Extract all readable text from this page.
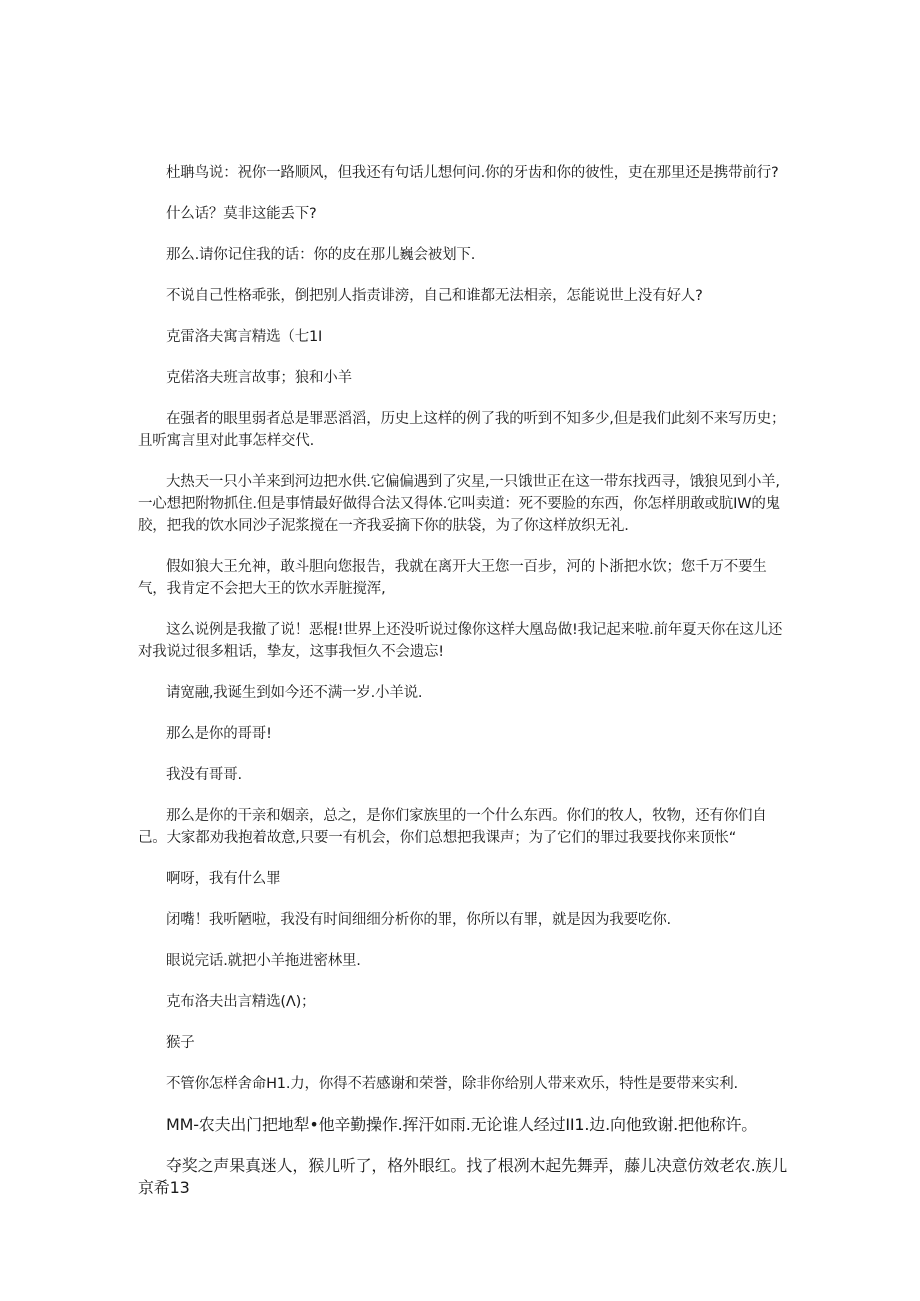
杜聃鸟说：祝你一路顺风，但我还有句话儿想何问.你的牙齿和你的彼性，吏在那里还是携带前行?

什么话？莫非这能丢下?

那么.请你记住我的话：你的皮在那儿巍会被划下.

不说自己性格乖张，倒把别人指责诽滂，自己和谁都无法相亲，怎能说世上没有好人?

克雷洛夫寓言精选（七1I

克偌洛夫班言故事；狼和小羊

在强者的眼里弱者总是罪恶滔滔，历史上这样的例了我的听到不知多少,但是我们此刻不来写历史；且听寓言里对此事怎样交代.

大热天一只小羊来到河边把水供.它偏偏遇到了灾星,一只饿世正在这一带东找西寻，饿狼见到小羊,一心想把附物抓住.但是事情最好做得合法又得体.它叫卖道：死不要脸的东西，你怎样朋敢或肮IW的鬼胶，把我的饮水同沙子泥浆搅在一齐我妥摘下你的肤袋，为了你这样放织无礼.

假如狼大王允神，敢斗胆向您报告，我就在离开大王您一百步，河的卜浙把水饮；您千万不要生气，我肯定不会把大王的饮水弄脏搅浑,

这么说例是我撤了说！恶棍!世界上还没听说过像你这样大凰岛做!我记起来啦.前年夏天你在这儿还对我说过很多粗话，挚友，这事我恒久不会遗忘!

请宽融,我诞生到如今还不满一岁.小羊说.

那么是你的哥哥!

我没有哥哥.

那么是你的干亲和姻亲，总之，是你们家族里的一个什么东西。你们的牧人，牧物，还有你们自己。大家都劝我抱着故意,只要一有机会，你们总想把我课声；为了它们的罪过我要找你来顶怅“

啊呀，我有什么罪

闭嘴！我听陋啦，我没有时间细细分析你的罪，你所以有罪，就是因为我要吃你.

眼说完话.就把小羊拖进密林里.

克布洛夫出言精选(Λ)；

猴子

不管你怎样舍命H1.力，你得不若感谢和荣誉，除非你给别人带来欢乐，特性是要带来实利.

MM-农夫出门把地犁•他辛勤操作.挥汗如雨.无论谁人经过II1.边.向他致谢.把他称许。

夺奖之声果真迷人，猴儿听了，格外眼红。找了根冽木起先舞弄，藤儿决意仿效老农.族儿京希13
